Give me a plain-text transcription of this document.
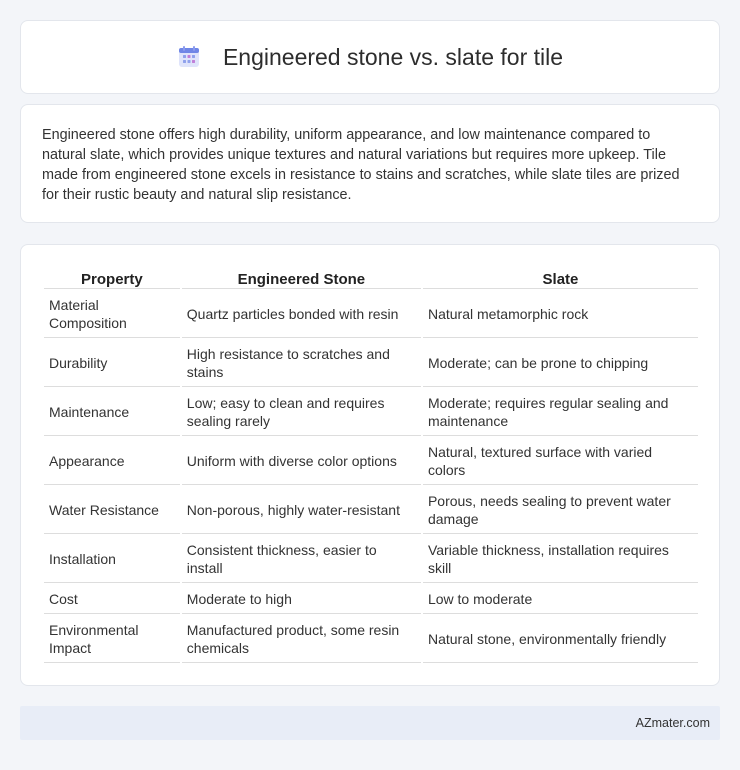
Engineered stone vs. slate for tile

Engineered stone offers high durability, uniform appearance, and low maintenance compared to natural slate, which provides unique textures and natural variations but requires more upkeep. Tile made from engineered stone excels in resistance to stains and scratches, while slate tiles are prized for their rustic beauty and natural slip resistance.

Property	Engineered Stone	Slate
Material Composition	Quartz particles bonded with resin	Natural metamorphic rock
Durability	High resistance to scratches and stains	Moderate; can be prone to chipping
Maintenance	Low; easy to clean and requires sealing rarely	Moderate; requires regular sealing and maintenance
Appearance	Uniform with diverse color options	Natural, textured surface with varied colors
Water Resistance	Non-porous, highly water-resistant	Porous, needs sealing to prevent water damage
Installation	Consistent thickness, easier to install	Variable thickness, installation requires skill
Cost	Moderate to high	Low to moderate
Environmental Impact	Manufactured product, some resin chemicals	Natural stone, environmentally friendly
AZmater.com
